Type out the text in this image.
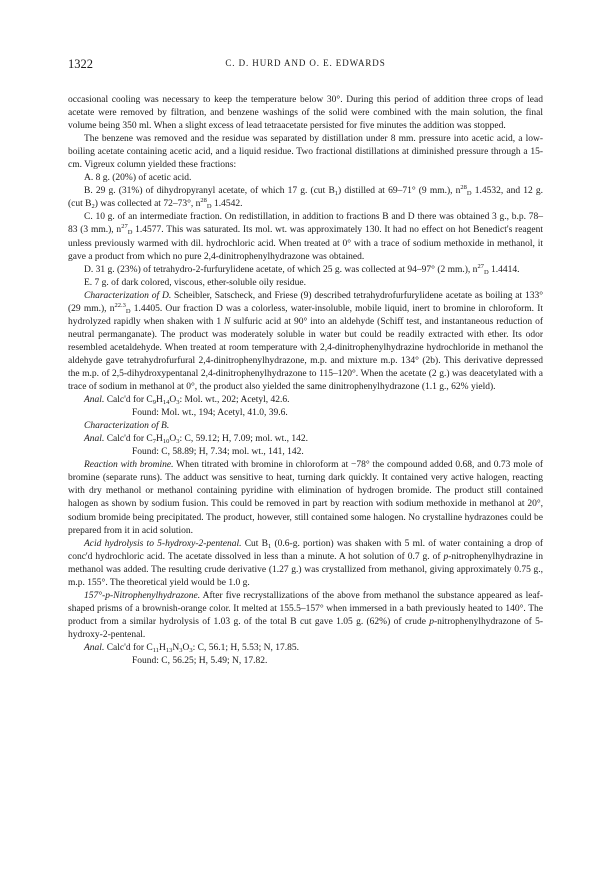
1322	C. D. HURD AND O. E. EDWARDS

occasional cooling was necessary to keep the temperature below 30°. During this period of addition three crops of lead acetate were removed by filtration, and benzene washings of the solid were combined with the main solution, the final volume being 350 ml. When a slight excess of lead tetraacetate persisted for five minutes the addition was stopped.

The benzene was removed and the residue was separated by distillation under 8 mm. pressure into acetic acid, a low-boiling acetate containing acetic acid, and a liquid residue. Two fractional distillations at diminished pressure through a 15-cm. Vigreux column yielded these fractions:

A. 8 g. (20%) of acetic acid.

B. 29 g. (31%) of dihydropyranyl acetate, of which 17 g. (cut $B_1$) distilled at 69–71° (9 mm.), $n^{28}_D$ 1.4532, and 12 g. (cut $B_2$) was collected at 72–73°, $n^{28}_D$ 1.4542.

C. 10 g. of an intermediate fraction. On redistillation, in addition to fractions B and D there was obtained 3 g., b.p. 78–83 (3 mm.), $n^{27}_D$ 1.4577. This was saturated. Its mol. wt. was approximately 130. It had no effect on hot Benedict's reagent unless previously warmed with dil. hydrochloric acid. When treated at 0° with a trace of sodium methoxide in methanol, it gave a product from which no pure 2,4-dinitrophenylhydrazone was obtained.

D. 31 g. (23%) of tetrahydro-2-furfurylidene acetate, of which 25 g. was collected at 94–97° (2 mm.), $n^{27}_D$ 1.4414.

E. 7 g. of dark colored, viscous, ether-soluble oily residue.

Characterization of D. Scheibler, Satscheck, and Friese (9) described tetrahydrofurfurylidene acetate as boiling at 133° (29 mm.), $n^{22.3}_D$ 1.4405. Our fraction D was a colorless, water-insoluble, mobile liquid, inert to bromine in chloroform. It hydrolyzed rapidly when shaken with 1 N sulfuric acid at 90° into an aldehyde (Schiff test, and instantaneous reduction of neutral permanganate). The product was moderately soluble in water but could be readily extracted with ether. Its odor resembled acetaldehyde. When treated at room temperature with 2,4-dinitrophenylhydrazine hydrochloride in methanol the aldehyde gave tetrahydrofurfural 2,4-dinitrophenylhydrazone, m.p. and mixture m.p. 134° (2b). This derivative depressed the m.p. of 2,5-dihydroxypentanal 2,4-dinitrophenylhydrazone to 115–120°. When the acetate (2 g.) was deacetylated with a trace of sodium in methanol at 0°, the product also yielded the same dinitrophenylhydrazone (1.1 g., 62% yield).

Anal. Calc'd for $C_9H_{14}O_3$: Mol. wt., 202; Acetyl, 42.6.

Found: Mol. wt., 194; Acetyl, 41.0, 39.6.

Characterization of B.

Anal. Calc'd for $C_7H_{10}O_3$: C, 59.12; H, 7.09; mol. wt., 142.

Found: C, 58.89; H, 7.34; mol. wt., 141, 142.

Reaction with bromine. When titrated with bromine in chloroform at −78° the compound added 0.68, and 0.73 mole of bromine (separate runs). The adduct was sensitive to heat, turning dark quickly. It contained very active halogen, reacting with dry methanol or methanol containing pyridine with elimination of hydrogen bromide. The product still contained halogen as shown by sodium fusion. This could be removed in part by reaction with sodium methoxide in methanol at 20°, sodium bromide being precipitated. The product, however, still contained some halogen. No crystalline hydrazones could be prepared from it in acid solution.

Acid hydrolysis to 5-hydroxy-2-pentenal. Cut $B_1$ (0.6-g. portion) was shaken with 5 ml. of water containing a drop of conc'd hydrochloric acid. The acetate dissolved in less than a minute. A hot solution of 0.7 g. of p-nitrophenylhydrazine in methanol was added. The resulting crude derivative (1.27 g.) was crystallized from methanol, giving approximately 0.75 g., m.p. 155°. The theoretical yield would be 1.0 g.

157°-p-Nitrophenylhydrazone. After five recrystallizations of the above from methanol the substance appeared as leaf-shaped prisms of a brownish-orange color. It melted at 155.5–157° when immersed in a bath previously heated to 140°. The product from a similar hydrolysis of 1.03 g. of the total B cut gave 1.05 g. (62%) of crude p-nitrophenylhydrazone of 5-hydroxy-2-pentenal.

Anal. Calc'd for $C_{11}H_{13}N_3O_3$: C, 56.1; H, 5.53; N, 17.85.

Found: C, 56.25; H, 5.49; N, 17.82.
